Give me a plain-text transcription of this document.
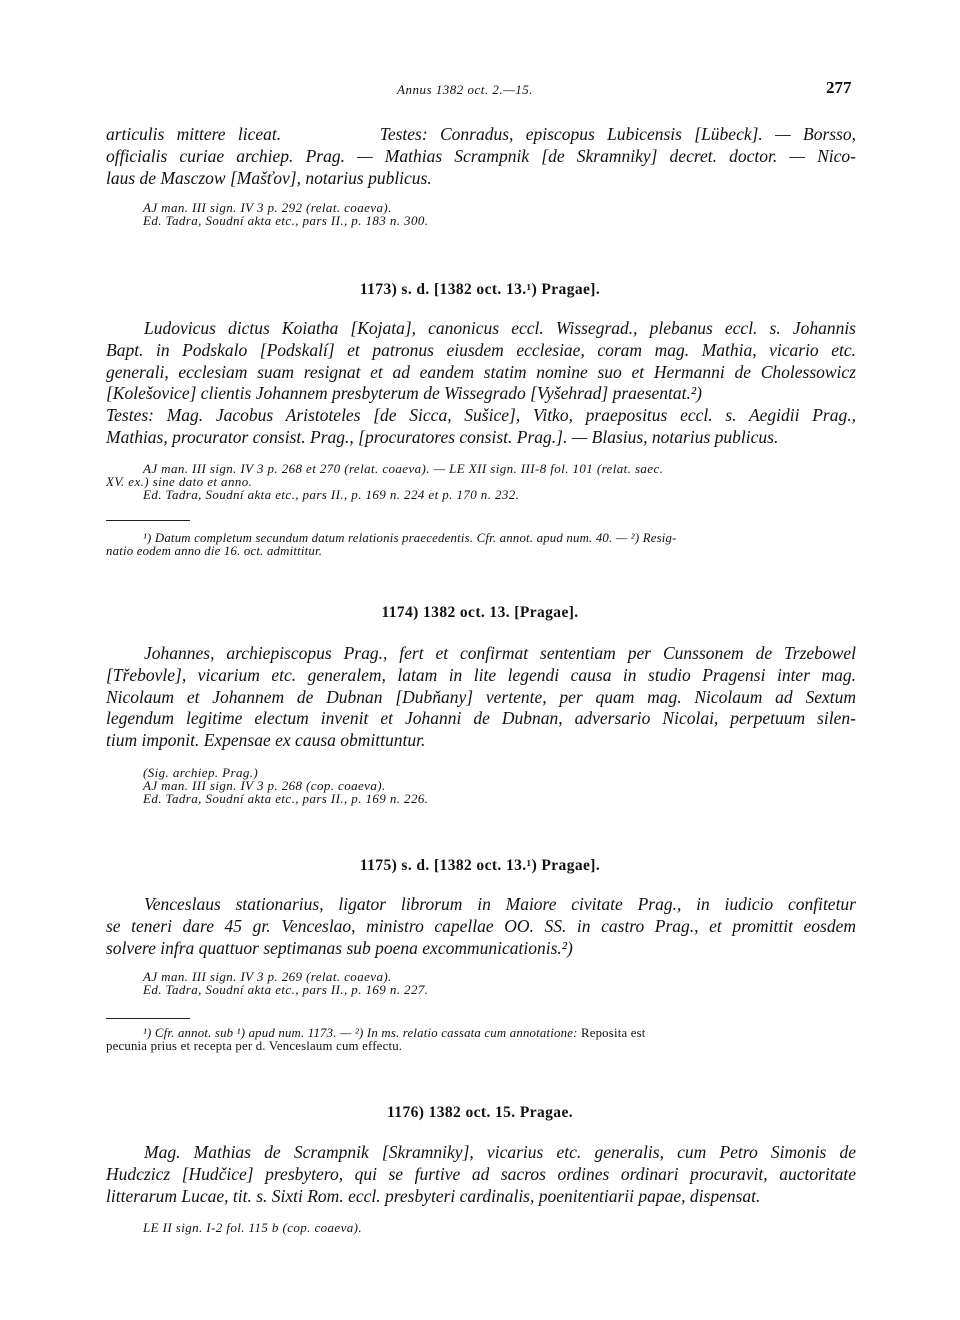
Annus 1382 oct. 2.—15.	277
articulis mittere liceat.        Testes: Conradus, episcopus Lubicensis [Lübeck]. — Borsso,
officialis curiae archiep. Prag. — Mathias Scrampnik [de Skramniky] decret. doctor. — Nico-
laus de Masczow [Mašťov], notarius publicus.
AJ man. III sign. IV 3 p. 292 (relat. coaeva).
Ed. Tadra, Soudní akta etc., pars II., p. 183 n. 300.
1173) s. d. [1382 oct. 13.¹) Pragae].
Ludovicus dictus Koiatha [Kojata], canonicus eccl. Wissegrad., plebanus eccl. s. Johannis
Bapt. in Podskalo [Podskalí] et patronus eiusdem ecclesiae, coram mag. Mathia, vicario etc.
generali, ecclesiam suam resignat et ad eandem statim nomine suo et Hermanni de Cholessowicz
[Kolešovice] clientis Johannem presbyterum de Wissegrado [Vyšehrad] praesentat.²)
Testes: Mag. Jacobus Aristoteles [de Sicca, Sušice], Vitko, praepositus eccl. s. Aegidii Prag.,
Mathias, procurator consist. Prag., [procuratores consist. Prag.]. — Blasius, notarius publicus.
AJ man. III sign. IV 3 p. 268 et 270 (relat. coaeva). — LE XII sign. III-8 fol. 101 (relat. saec.
XV. ex.) sine dato et anno.
Ed. Tadra, Soudní akta etc., pars II., p. 169 n. 224 et p. 170 n. 232.
¹) Datum completum secundum datum relationis praecedentis. Cfr. annot. apud num. 40. — ²) Resig-
natio eodem anno die 16. oct. admittitur.
1174) 1382 oct. 13. [Pragae].
Johannes, archiepiscopus Prag., fert et confirmat sententiam per Cunssonem de Trzebowel
[Třebovle], vicarium etc. generalem, latam in lite legendi causa in studio Pragensi inter mag.
Nicolaum et Johannem de Dubnan [Dubňany] vertente, per quam mag. Nicolaum ad Sextum
legendum legitime electum invenit et Johanni de Dubnan, adversario Nicolai, perpetuum silen-
tium imponit. Expensae ex causa obmittuntur.
(Sig. archiep. Prag.)
AJ man. III sign. IV 3 p. 268 (cop. coaeva).
Ed. Tadra, Soudní akta etc., pars II., p. 169 n. 226.
1175) s. d. [1382 oct. 13.¹) Pragae].
Venceslaus stationarius, ligator librorum in Maiore civitate Prag., in iudicio confitetur
se teneri dare 45 gr. Venceslao, ministro capellae OO. SS. in castro Prag., et promittit eosdem
solvere infra quattuor septimanas sub poena excommunicationis.²)
AJ man. III sign. IV 3 p. 269 (relat. coaeva).
Ed. Tadra, Soudní akta etc., pars II., p. 169 n. 227.
¹) Cfr. annot. sub ¹) apud num. 1173. — ²) In ms. relatio cassata cum annotatione: Reposita est
pecunia prius et recepta per d. Venceslaum cum effectu.
1176) 1382 oct. 15. Pragae.
Mag. Mathias de Scrampnik [Skramniky], vicarius etc. generalis, cum Petro Simonis de
Hudczicz [Hudčice] presbytero, qui se furtive ad sacros ordines ordinari procuravit, auctoritate
litterarum Lucae, tit. s. Sixti Rom. eccl. presbyteri cardinalis, poenitentiarii papae, dispensat.
LE II sign. I-2 fol. 115 b (cop. coaeva).
